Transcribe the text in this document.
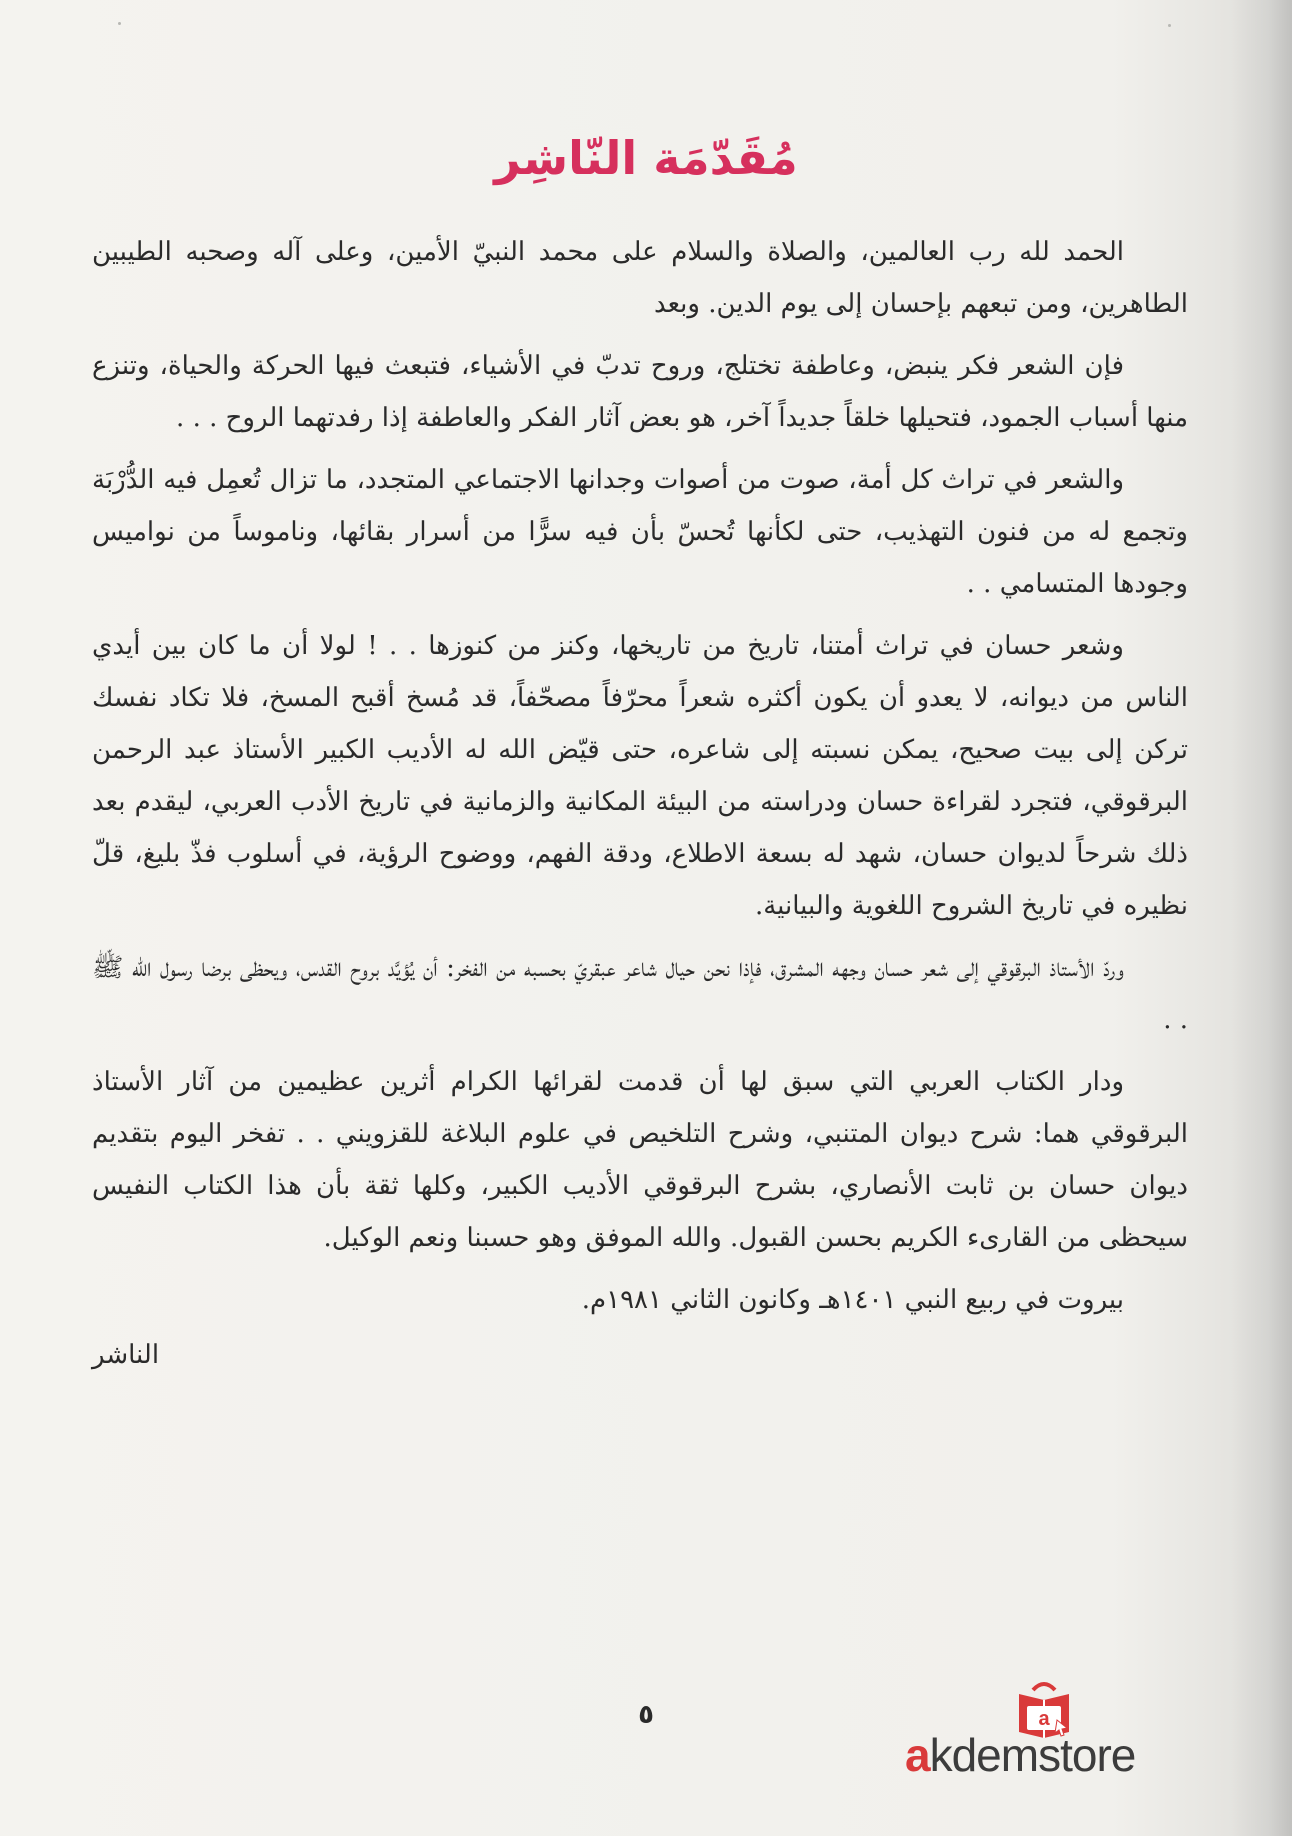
مُقَدّمَة النّاشِر

الحمد لله رب العالمين، والصلاة والسلام على محمد النبيّ الأمين، وعلى آله وصحبه الطيبين الطاهرين، ومن تبعهم بإحسان إلى يوم الدين. وبعد

فإن الشعر فكر ينبض، وعاطفة تختلج، وروح تدبّ في الأشياء، فتبعث فيها الحركة والحياة، وتنزع منها أسباب الجمود، فتحيلها خلقاً جديداً آخر، هو بعض آثار الفكر والعاطفة إذا رفدتهما الروح . . .

والشعر في تراث كل أمة، صوت من أصوات وجدانها الاجتماعي المتجدد، ما تزال تُعمِل فيه الدُّرْبَة وتجمع له من فنون التهذيب، حتى لكأنها تُحسّ بأن فيه سرًّا من أسرار بقائها، وناموساً من نواميس وجودها المتسامي . .

وشعر حسان في تراث أمتنا، تاريخ من تاريخها، وكنز من كنوزها . . ! لولا أن ما كان بين أيدي الناس من ديوانه، لا يعدو أن يكون أكثره شعراً محرّفاً مصحّفاً، قد مُسخ أقبح المسخ، فلا تكاد نفسك تركن إلى بيت صحيح، يمكن نسبته إلى شاعره، حتى قيّض الله له الأديب الكبير الأستاذ عبد الرحمن البرقوقي، فتجرد لقراءة حسان ودراسته من البيئة المكانية والزمانية في تاريخ الأدب العربي، ليقدم بعد ذلك شرحاً لديوان حسان، شهد له بسعة الاطلاع، ودقة الفهم، ووضوح الرؤية، في أسلوب فذّ بليغ، قلّ نظيره في تاريخ الشروح اللغوية والبيانية.

وردّ الأستاذ البرقوقي إلى شعر حسان وجهه المشرق، فإذا نحن حيال شاعر عبقريّ بحسبه من الفخر: أن يُؤيَّد بروح القدس، ويحظى برضا رسول الله ﷺ . .

ودار الكتاب العربي التي سبق لها أن قدمت لقرائها الكرام أثرين عظيمين من آثار الأستاذ البرقوقي هما: شرح ديوان المتنبي، وشرح التلخيص في علوم البلاغة للقزويني . . تفخر اليوم بتقديم ديوان حسان بن ثابت الأنصاري، بشرح البرقوقي الأديب الكبير، وكلها ثقة بأن هذا الكتاب النفيس سيحظى من القارىء الكريم بحسن القبول. والله الموفق وهو حسبنا ونعم الوكيل.

بيروت في ربيع النبي ١٤٠١هـ وكانون الثاني ١٩٨١م.

الناشر
٥	a
akdemstore
